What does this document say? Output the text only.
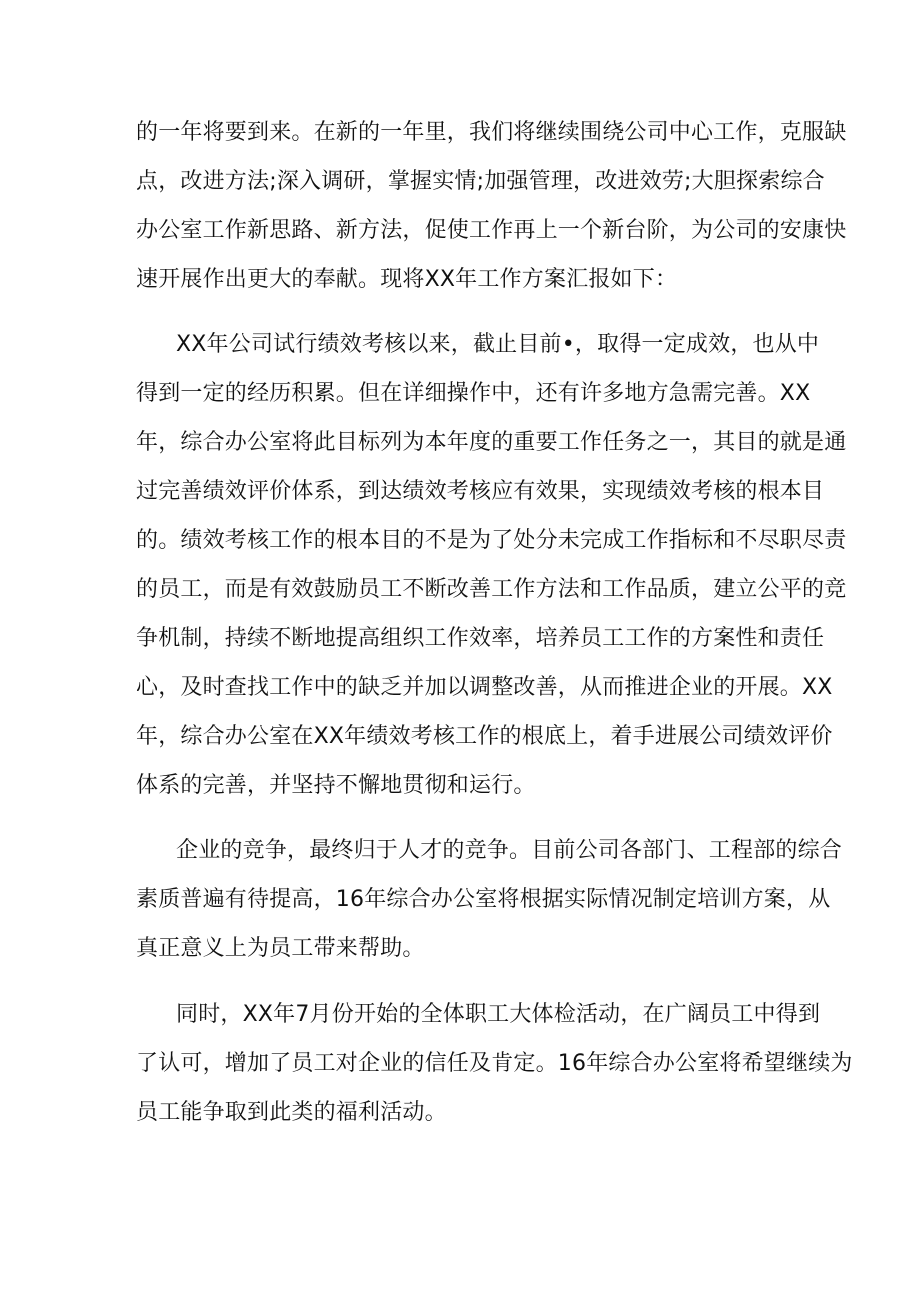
的一年将要到来。在新的一年里，我们将继续围绕公司中心工作，克服缺
点，改进方法;深入调研，掌握实情;加强管理，改进效劳;大胆探索综合
办公室工作新思路、新方法，促使工作再上一个新台阶，为公司的安康快
速开展作出更大的奉献。现将XX年工作方案汇报如下：
XX年公司试行绩效考核以来，截止目前•，取得一定成效，也从中
得到一定的经历积累。但在详细操作中，还有许多地方急需完善。XX
年，综合办公室将此目标列为本年度的重要工作任务之一，其目的就是通
过完善绩效评价体系，到达绩效考核应有效果，实现绩效考核的根本目
的。绩效考核工作的根本目的不是为了处分未完成工作指标和不尽职尽责
的员工，而是有效鼓励员工不断改善工作方法和工作品质，建立公平的竞
争机制，持续不断地提高组织工作效率，培养员工工作的方案性和责任
心，及时查找工作中的缺乏并加以调整改善，从而推进企业的开展。XX
年，综合办公室在XX年绩效考核工作的根底上，着手进展公司绩效评价
体系的完善，并坚持不懈地贯彻和运行。
企业的竞争，最终归于人才的竞争。目前公司各部门、工程部的综合
素质普遍有待提高，16年综合办公室将根据实际情况制定培训方案，从
真正意义上为员工带来帮助。
同时，XX年7月份开始的全体职工大体检活动，在广阔员工中得到
了认可，增加了员工对企业的信任及肯定。16年综合办公室将希望继续为
员工能争取到此类的福利活动。
